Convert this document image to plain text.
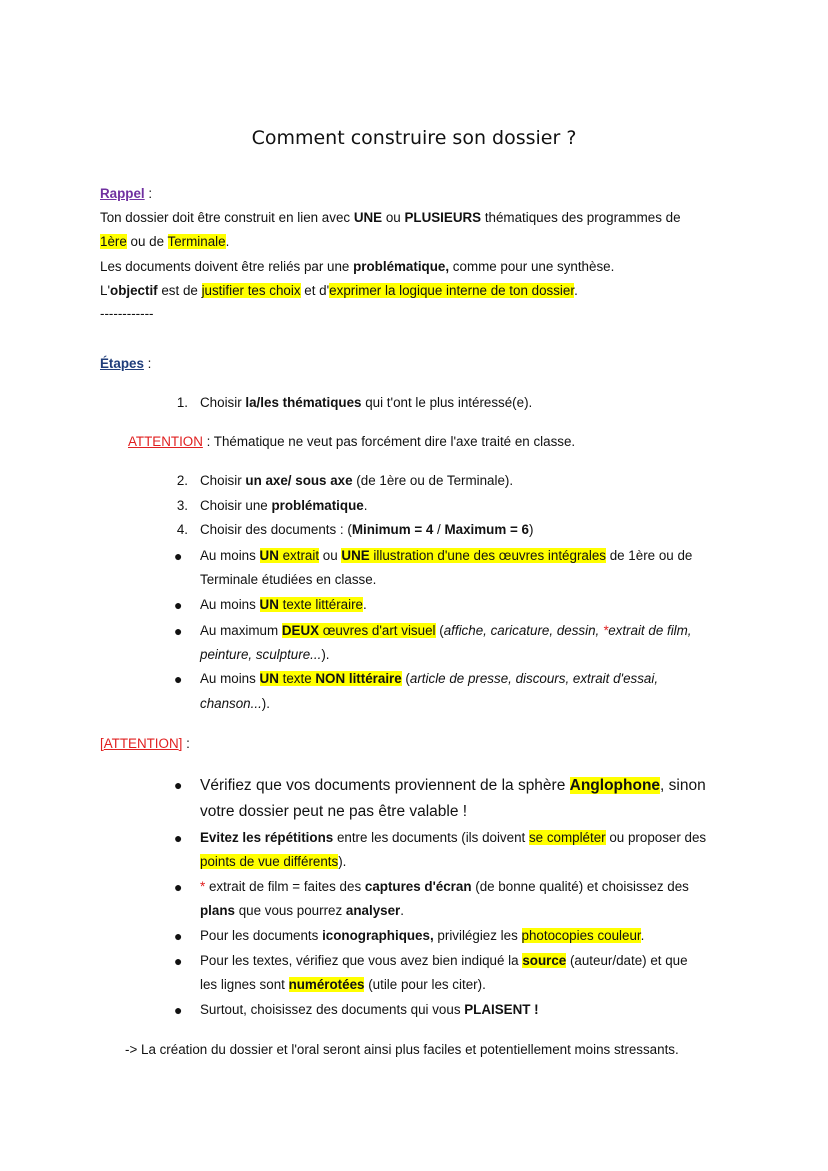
Comment construire son dossier ?
Rappel :
Ton dossier doit être construit en lien avec UNE ou PLUSIEURS thématiques des programmes de
1ère ou de Terminale.
Les documents doivent être reliés par une problématique, comme pour une synthèse.
L'objectif est de justifier tes choix et d'exprimer la logique interne de ton dossier.
------------
Étapes :
1. Choisir la/les thématiques qui t'ont le plus intéressé(e).
ATTENTION : Thématique ne veut pas forcément dire l'axe traité en classe.
2. Choisir un axe/ sous axe (de 1ère ou de Terminale).
3. Choisir une problématique.
4. Choisir des documents : (Minimum = 4 / Maximum = 6)
● Au moins UN extrait ou UNE illustration d'une des œuvres intégrales de 1ère ou de
Terminale étudiées en classe.
● Au moins UN texte littéraire.
● Au maximum DEUX œuvres d'art visuel (affiche, caricature, dessin, *extrait de film,
peinture, sculpture...).
● Au moins UN texte NON littéraire (article de presse, discours, extrait d'essai,
chanson...).
[ATTENTION] :
● Vérifiez que vos documents proviennent de la sphère Anglophone, sinon
votre dossier peut ne pas être valable !
● Evitez les répétitions entre les documents (ils doivent se compléter ou proposer des
points de vue différents).
● * extrait de film = faites des captures d'écran (de bonne qualité) et choisissez des
plans que vous pourrez analyser.
● Pour les documents iconographiques, privilégiez les photocopies couleur.
● Pour les textes, vérifiez que vous avez bien indiqué la source (auteur/date) et que
les lignes sont numérotées (utile pour les citer).
● Surtout, choisissez des documents qui vous PLAISENT !
-> La création du dossier et l'oral seront ainsi plus faciles et potentiellement moins stressants.
